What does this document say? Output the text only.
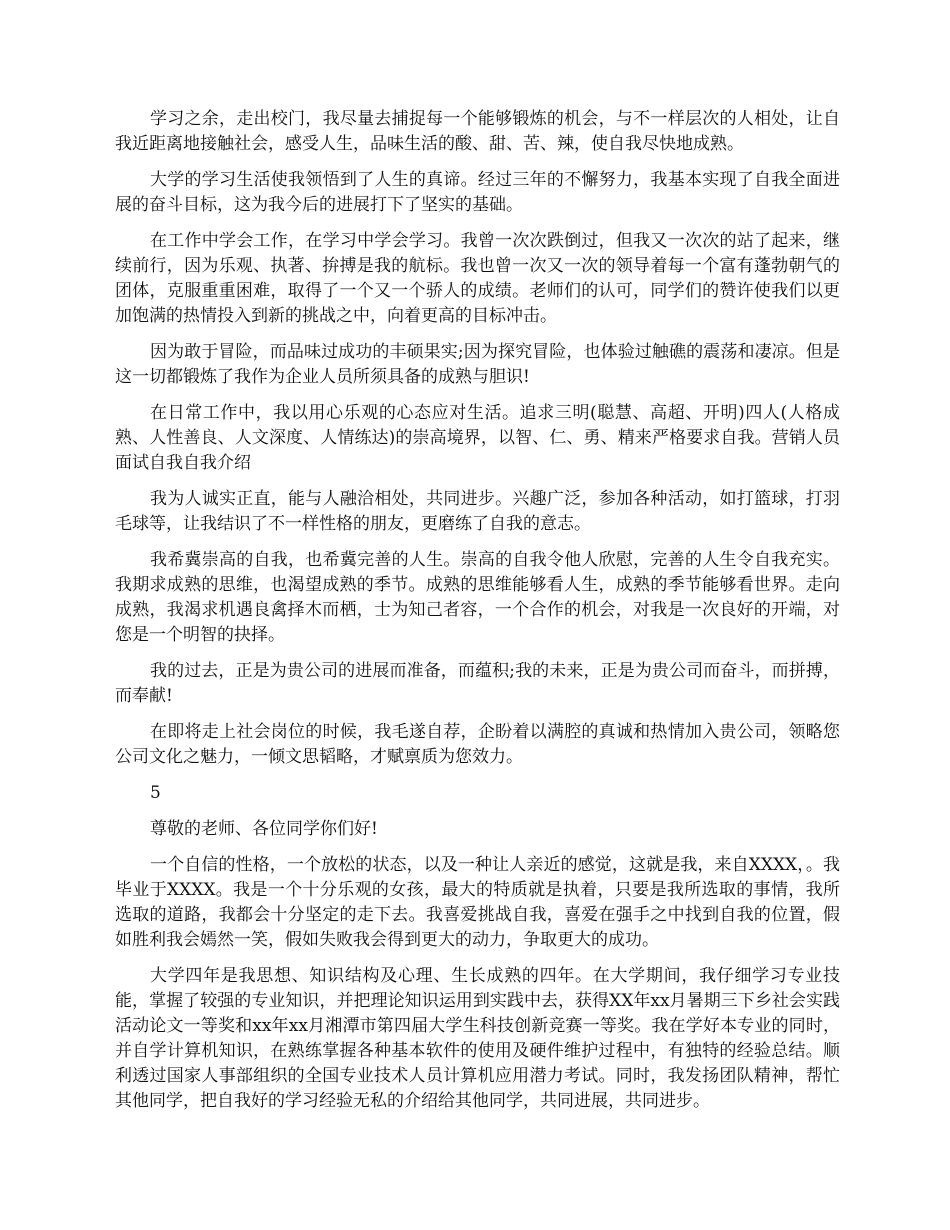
学习之余，走出校门，我尽量去捕捉每一个能够锻炼的机会，与不一样层次的人相处，让自我近距离地接触社会，感受人生，品味生活的酸、甜、苦、辣，使自我尽快地成熟。

大学的学习生活使我领悟到了人生的真谛。经过三年的不懈努力，我基本实现了自我全面进展的奋斗目标，这为我今后的进展打下了坚实的基础。

在工作中学会工作，在学习中学会学习。我曾一次次跌倒过，但我又一次次的站了起来，继续前行，因为乐观、执著、拚搏是我的航标。我也曾一次又一次的领导着每一个富有蓬勃朝气的团体，克服重重困难，取得了一个又一个骄人的成绩。老师们的认可，同学们的赞许使我们以更加饱满的热情投入到新的挑战之中，向着更高的目标冲击。

因为敢于冒险，而品味过成功的丰硕果实;因为探究冒险，也体验过触礁的震荡和凄凉。但是这一切都锻炼了我作为企业人员所须具备的成熟与胆识!

在日常工作中，我以用心乐观的心态应对生活。追求三明(聪慧、高超、开明)四人(人格成熟、人性善良、人文深度、人情练达)的崇高境界，以智、仁、勇、精来严格要求自我。营销人员面试自我自我介绍

我为人诚实正直，能与人融洽相处，共同进步。兴趣广泛，参加各种活动，如打篮球，打羽毛球等，让我结识了不一样性格的朋友，更磨练了自我的意志。

我希冀崇高的自我，也希冀完善的人生。崇高的自我令他人欣慰，完善的人生令自我充实。我期求成熟的思维，也渴望成熟的季节。成熟的思维能够看人生，成熟的季节能够看世界。走向成熟，我渴求机遇良禽择木而栖，士为知己者容，一个合作的机会，对我是一次良好的开端，对您是一个明智的抉择。

我的过去，正是为贵公司的进展而准备，而蕴积;我的未来，正是为贵公司而奋斗，而拼搏，而奉献!

在即将走上社会岗位的时候，我毛遂自荐，企盼着以满腔的真诚和热情加入贵公司，领略您公司文化之魅力，一倾文思韬略，才赋禀质为您效力。

5

尊敬的老师、各位同学你们好!

一个自信的性格，一个放松的状态，以及一种让人亲近的感觉，这就是我，来自XXXX，。我毕业于XXXX。我是一个十分乐观的女孩，最大的特质就是执着，只要是我所选取的事情，我所选取的道路，我都会十分坚定的走下去。我喜爱挑战自我，喜爱在强手之中找到自我的位置，假如胜利我会嫣然一笑，假如失败我会得到更大的动力，争取更大的成功。

大学四年是我思想、知识结构及心理、生长成熟的四年。在大学期间，我仔细学习专业技能，掌握了较强的专业知识，并把理论知识运用到实践中去，获得XX年xx月暑期三下乡社会实践活动论文一等奖和xx年xx月湘潭市第四届大学生科技创新竞赛一等奖。我在学好本专业的同时，并自学计算机知识，在熟练掌握各种基本软件的使用及硬件维护过程中，有独特的经验总结。顺利透过国家人事部组织的全国专业技术人员计算机应用潜力考试。同时，我发扬团队精神，帮忙其他同学，把自我好的学习经验无私的介绍给其他同学，共同进展，共同进步。
